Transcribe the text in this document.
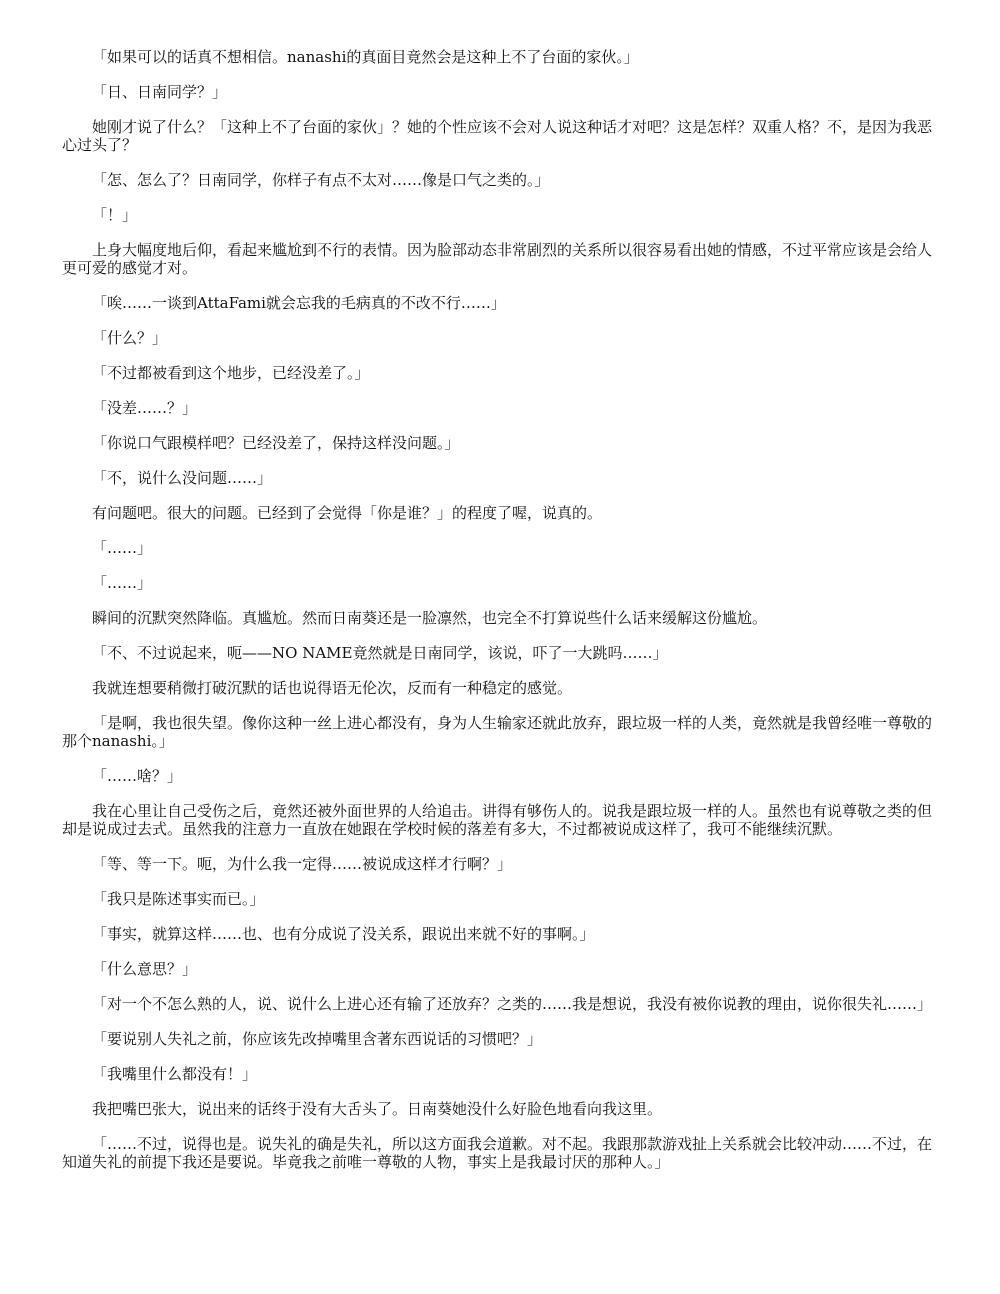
「如果可以的话真不想相信。nanashi的真面目竟然会是这种上不了台面的家伙。」

「日、日南同学？」

她刚才说了什么？「这种上不了台面的家伙」？她的个性应该不会对人说这种话才对吧？这是怎样？双重人格？不，是因为我恶心过头了？

「怎、怎么了？日南同学，你样子有点不太对……像是口气之类的。」

「！」

上身大幅度地后仰，看起来尴尬到不行的表情。因为脸部动态非常剧烈的关系所以很容易看出她的情感，不过平常应该是会给人更可爱的感觉才对。

「唉……一谈到AttaFami就会忘我的毛病真的不改不行……」

「什么？」

「不过都被看到这个地步，已经没差了。」

「没差……？」

「你说口气跟模样吧？已经没差了，保持这样没问题。」

「不，说什么没问题……」

有问题吧。很大的问题。已经到了会觉得「你是谁？」的程度了喔，说真的。

「……」

「……」

瞬间的沉默突然降临。真尴尬。然而日南葵还是一脸凛然，也完全不打算说些什么话来缓解这份尴尬。

「不、不过说起来，呃——NO NAME竟然就是日南同学，该说，吓了一大跳吗……」

我就连想要稍微打破沉默的话也说得语无伦次，反而有一种稳定的感觉。

「是啊，我也很失望。像你这种一丝上进心都没有，身为人生输家还就此放弃，跟垃圾一样的人类，竟然就是我曾经唯一尊敬的那个nanashi。」

「……啥？」

我在心里让自己受伤之后，竟然还被外面世界的人给追击。讲得有够伤人的。说我是跟垃圾一样的人。虽然也有说尊敬之类的但却是说成过去式。虽然我的注意力一直放在她跟在学校时候的落差有多大，不过都被说成这样了，我可不能继续沉默。

「等、等一下。呃，为什么我一定得……被说成这样才行啊？」

「我只是陈述事实而已。」

「事实，就算这样……也、也有分成说了没关系，跟说出来就不好的事啊。」

「什么意思？」

「对一个不怎么熟的人，说、说什么上进心还有输了还放弃？之类的……我是想说，我没有被你说教的理由，说你很失礼……」

「要说别人失礼之前，你应该先改掉嘴里含著东西说话的习惯吧？」

「我嘴里什么都没有！」

我把嘴巴张大，说出来的话终于没有大舌头了。日南葵她没什么好脸色地看向我这里。

「……不过，说得也是。说失礼的确是失礼，所以这方面我会道歉。对不起。我跟那款游戏扯上关系就会比较冲动……不过，在知道失礼的前提下我还是要说。毕竟我之前唯一尊敬的人物，事实上是我最讨厌的那种人。」
